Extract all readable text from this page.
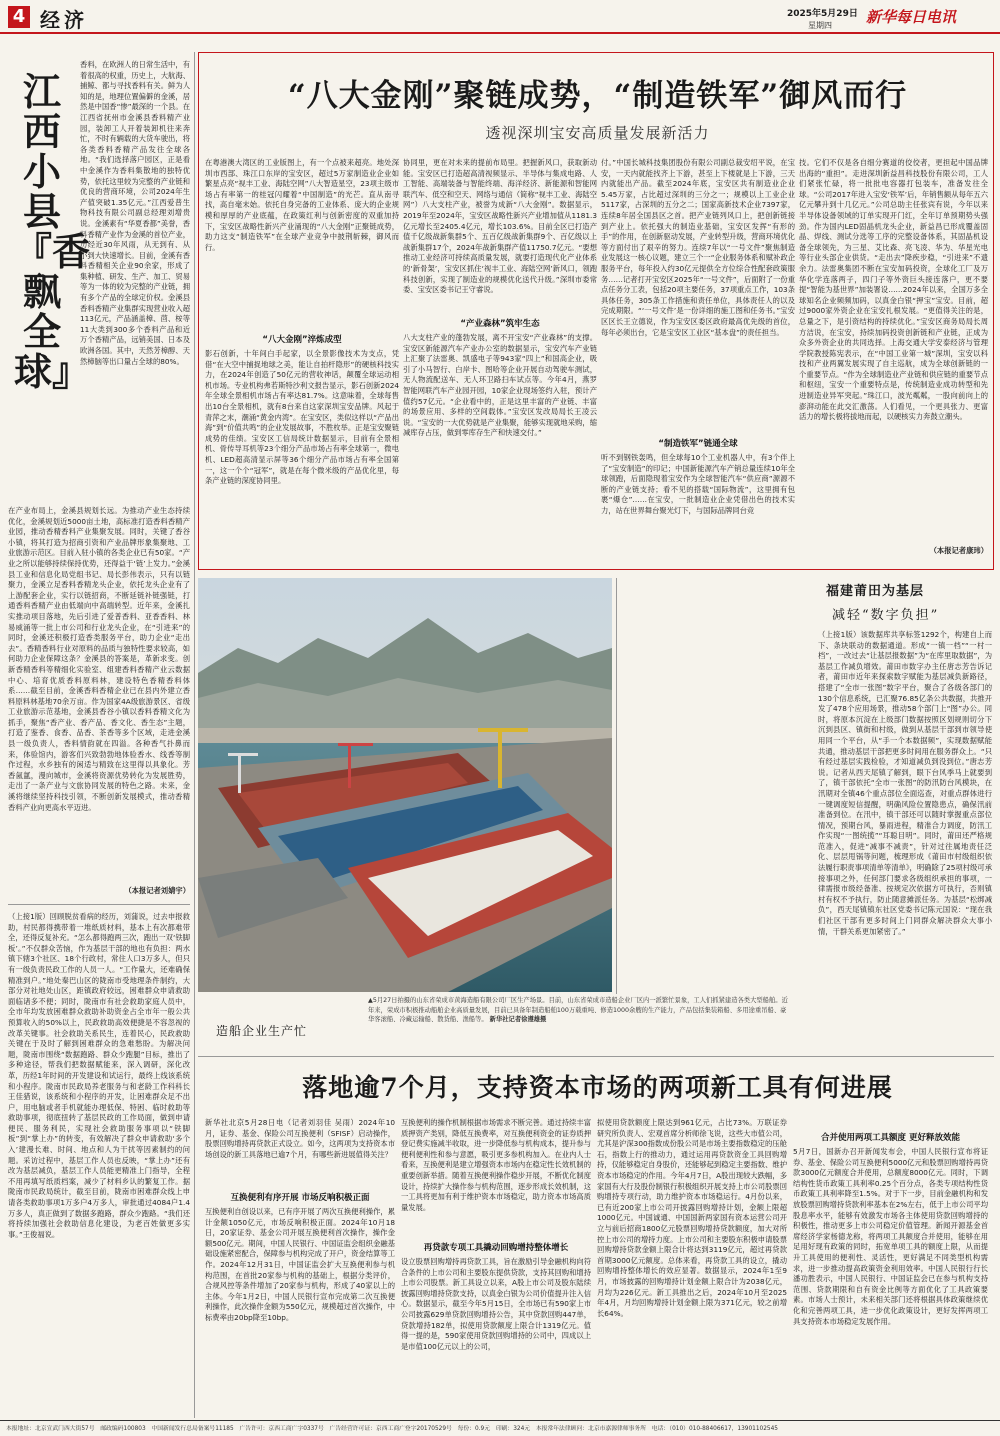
4 经济	2025年5月29日
星期四 新华每日电讯
江西小县『香飘全球』
香料，在欧洲人的日常生活中，有着很高的权重，历史上，大航海、捕鲸、都与寻找香料有关。鲜为人知的是，地理位置偏僻的金溪，居然是中国香“惨”最深的一个县。在江西省抚州市金溪县香料精产业园，装卸工人开着装卸机往来奔忙，不时有辆载的大货车驶出，将各类香料香精产品发往全球各地。“我们选择落户园区，正是看中金溪作为香料集散地的独特优势，依托这里较为完整的产业链和优良的营商环境，公司2024年生产值突破1.35亿元。”江西爱普生物科技有限公司副总经理刘增贵说。金溪素有“华夏香都”美誉，香料香精产业作为金溪的首位产业，历经近30年风雨，从无到有、从小到大快速增长。目前，金溪有香料香精相关企业90余家，形成了集种植、研发、生产、加工、贸易等为一体的较为完整的产业链，拥有多个产品的全球定价权。金溪县香料香精产业集群实现营业收入超113亿元，产品涵盖樟、茴、桉等11大类到300多个香料产品和近万个香精产品，远销美国、日本及欧洲各国。其中，天然芳樟醇、天然樟脑等出口量占全球的80%。
在产业布局上，金溪县规划长远。为推动产业生态持续优化，金溪规划近5000亩土地，高标准打造香料香精产业园，推动香精香料产业集聚发展。同时，关键了香谷小镇，将其打造为招商引资和产业品牌形象集聚地、工业旅游示范区。目前入驻小镇的各类企业已有50家。“产业之所以能够持续保持优势，还得益于‘链’上发力。”金溪县工业和信息化局党组书记、局长彭伟表示，只有以链聚力，金溪立足香料香精龙头企业，依托龙头企业有了上游配套企业，实行以链招商，不断延链补链强链，打通香料香精产业由低端向中高端转型。近年来，金溪扎实推动项目落地，先后引进了爱普香料、亚香香料、林易威涌等一批上市公司和行业龙头企业，在“引进来”的同时，金溪还积极打造香类服务平台，助力企业“走出去”。香精香料行业对原料的品质与独特性要求较高，如何助力企业保障这条？金溪县的答案是，革新求变。创新香精香料等精细化实验室、组建香料香精产业云数据中心、培育优质香料原料林，建设特色香精香料体系……截至目前，金溪香料香精企业已在县内外建立香料原料林基地70余万亩。作为国家4A级旅游景区、省级工业旅游示范基地，金溪县香谷小镇以香料香精文化为抓手，聚焦“香产业、香产品、香文化、香生态”主题，打造了鉴香、食香、品香、茶香等多个区域，走进金溪县一级负责人，香料情韵就在四溢。各种香气扑鼻而来，体验馆内，游客们兴致勃勃地体验香水、线香等制作过程，水乡独有的闲适与精致在这里得以具象化。芳香氤氲，漫向城市，金溪将资源优势转化为发展胜势，走出了一条产业与文旅协同发展的特色之路。未来，金溪将继续坚持科技引领，不断创新发展模式，推动香精香料产业向更高水平迈进。
（本报记者刘婧宇）
（上接1版）回顾脱贫看病的经历，刘蒲说，过去申报救助，村民都得携带着一堆纸质材料，基本上有次都难带全，还得反复补充。“怎么都得跑两三次，跑出一双‘铁脚板’。”不仅群众苦恼，作为基层干部的地也有负担：两水镇下辖3个社区、18个行政村，常住人口3万多人，但只有一级负责民政工作的人员一人。“工作量大，还难确保精准到户。”地处秦巴山区的陇南市受地理条件制约，大部分对社地处山区，距镇政府较远，困难群众申请救助面临诸多不便；同时，陇南市有社会救助家庭人员中，全市年均发放困难群众救助补助资金占全市年一般公共预算收入的50%以上，民政救助高效便捷是不容忽视的改革关键事。社会救助关系民生，连着民心，民政救助关键在于及时了解到困难群众的急难愁盼。为解决问题，陇南市围绕“数据跑路、群众少跑腿”目标，推出了多种途径，帮我们把数据赋能来，深入调研，深化改革，历经1年时间的开发建设和试运行，最终上线该系统和小程序。陇南市民政局养老服务与和老龄工作科科长王佳猎说，该系统和小程序的开发，让困难群众足不出户，用电脑或者手机就能办理低保、特困、临时救助等救助事项，彻底扭转了基层民政的工作局面，做到申请便民、服务利民，实现社会救助服务事项以“铁脚板”到“掌上办”的转变，有效解决了群众申请救助‘多个入’建漫长难、时间、地点和人为干扰等因素制约的问题。采访过程中，基层工作人员也反映，“掌上办”还有改为基层减负，基层工作人员能更精准上门指导，全程不用再填写纸质档案，减少了材料乡认的繁复工作。据陇南市民政局统计，截至目前，陇南市困难群众线上申请各类救助事项1万多户4万多人，审批通过4084户1.4万多人，真正做到了数据多跑路，群众少跑路。“我们还将持续加强社会救助信息化建设，为老百姓做更多实事。”王俊福说。
“八大金刚”聚链成势，“制造铁军”御风而行
透视深圳宝安高质量发展新活力
在粤港澳大湾区的工业版图上，有一个点被来超亮。地处深圳市西部、珠江口东岸的宝安区，超过5万家制造业企业如繁星点亮“视丰工业、海陆空网”八大智造星空，23项主级市场占有率第一的桂冠闪耀着“中国制造”的光芒。直从南寻找，高自毫末始。依托自身完备的工业体系、庞大的企业规模和厚厚的产业底蕴，在政策红利与创新密度的双重加持下，宝安区战略性新兴产业涌现的“八大金刚”正聚链成势，助力这支“制造铁军”在全球产业竞争中披荆斩棘，御风而行。
“八大金刚”淬炼成型
影石创新，十年间白手起家，以全景影像技术为支点，凭借“在大空中捕捉地球之美，能让自拍杆隐形”的硬核科技实力，在2024年创造了50亿元的营收神话，颠覆全球运动相机市场。专业机构弗若斯特沙利文报告显示，影石创新2024年全球全景相机市场占有率达81.7%。这意味着，全球每售出10台全景相机，就有8台来自这家深圳宝安品牌。风起于青萍之末，潮涌“黄金内湾”。在宝安区，类似这样以“产品出海”到“价值共鸣”的企业发展故事，不胜枚举。正是宝安聚链成势的佳绩。宝安区工信局统计数据显示，目前有全景相机、骨传导耳机等23个细分产品市场占有率全球第一，微电机、LED超高清显示屏等36个细分产品市场占有率全国第一，这一个个“冠军”，就是在每个微米级的产品优化里，每条产业链的深度协同里。
协同里，更在对未来的提前布局里。把握新风口，获取新动能。宝安区已打造超高清视频显示、半导体与集成电路、人工智能、高端装备与智能终端、海洋经济、新能源和智能网联汽车、低空和空天、网络与通信（简称“视丰工业、海陆空网”）八大支柱产业，被誉为成新“八大金刚”。数据显示，2019年至2024年，宝安区战略性新兴产业增加值从1181.3亿元增长至2405.4亿元，增长103.6%。目前全区已打造产值千亿级战新集群5个、五百亿级战新集群9个、百亿级以上战新集群17个，2024年战新集群产值11750.7亿元。“要想推动工业经济可持续高质量发展，就要打造现代化产业体系的‘新骨架’，宝安区抓住‘视丰工业、海陆空网’新风口，领跑科技创新，实现了制造业的规模优化送代升级。”深圳市委常委、宝安区委书记王守睿说。
“产业森林”筑牢生态
八大支柱产业的蓬勃发展，离不开宝安“产业森林”的支撑。宝安区新能源汽车产业办公室的数据显示，宝安汽车产业链上汇聚了法雷奥、凯盛电子等943家“四上”和国高企业，吸引了小马智行、白岸卡、图哈等企业开展自动驾驶车测试，无人物流配送车、无人环卫路扫车试点等。今年4月，燕罗智能网联汽车产业园开园，10家企业现场签约入驻，预计产值约57亿元。“企业看中的，正是这里丰富的产业链、丰富的场景应用、多样的空间载体。”宝安区发改局局长王凌云说。“宝安的一大优势就是产业集聚，能够实现就地采购，缩减库存占压，做到零库存生产和快速交付。”
付。”中国长城科技集团股份有限公司副总裁安绍平说，在宝安，一天内就能找齐上下游，甚至上下楼就是上下游，三天内就能出产品。截至2024年底，宝安区共有制造业企业5.45万家，占比超过深圳的三分之一；规模以上工业企业5117家，占深圳的五分之二；国家高新技术企业7397家，连续8年居全国县区之首。把产业链列风口上，把创新链接到产业上。依托强大的制造业基础，宝安区发挥“有形的手”的作用，在创新驱动发展，产业转型升级，营商环境优化等方面付出了艰辛的努力。连续7年以“一号文件”聚焦制造业发展这一核心议题，建立三个一“企业服务体系和赋补政企服务平台，每年投入约30亿元提供全方位综合性配套政策服务……记者打开宝安区2025年“一号文件”，后面附了一份重点任务分工表，包括20项主要任务，37项重点工作，103条具体任务，305条工作措施和责任单位，具体责任人的以及完成期限。“‘一号文件’是一份详细的施工图和任务书。”宝安区区长王立德说，作为宝安区委区政府最高优先级的首位，每年必须出台，它是宝安区工业区“基本盘”的责任担当。
“制造铁军”链通全球
听不到钢铁轰鸣，但全球每10个工业机器人中，有3个伴上了“宝安制造”的印记；中国新能源汽车产销总量连续10年全球领跑，后面隐现着宝安作为全球智能汽车“供应商”源源不断的产业链支持；看不见的搭载“国际物流”，这里拥有包裹“爆仓”……在宝安，一批制造业企业凭借出色的技术实力，站在世界舞台聚光灯下，与国际品牌同台竞
技。它们不仅是各自细分赛道的佼佼者，更担起中国品牌出海的“重担”。走进深圳新益昌科技股份有限公司，工人们紧张忙碌，将一批批电容器打包装车，准备发往全球。“公司2017年进入宝安‘铁军’后，年销售额从每年五六亿元攀升到十几亿元。”公司总助主任张宾有说，今年以来半导体设备领域的订单实现开门红，全年订单预期势头强劲。作为国内LED固晶机龙头企业，新益昌已形成覆盖固晶、焊线、测试分选等工序的完整设备体系，其固晶机设备全球领先，为三星、艾比森、亮飞凌、华为、华星光电等行业头部企业供货。“走出去”降疾步稳，“引进来”不遗余力。法雷奥集团不断在宝安加码投资，全球化工厂及万华化学连落两子，四门子等外资巨头接连落户，更不要提“智能为基世界”加装署设……2024年以来，全国万多全球知名企业频频加码，以真金白银“押宝”宝安。目前，超过9000家外资企业在宝安扎根发展。“更值得关注的是，总量之下，是引资结构的持续优化。”宝安区商务局局长周方洁说，在宝安，持续加码投资创新链和产业链，正成为众多外资企业的共同选择。上海交通大学安泰经济与管理学院教授陈宪表示，在“中国工业第一城”深圳，宝安以科技和产业两翼发展实现了自主巡航，成为全球创新链的一个重要节点。“作为全球制造业产业链和供应链的重要节点和枢纽，宝安一个重要特点是，传统制造业成功转型和先进制造业异军突起。”珠江口，波光粼粼，一股向前向上的澎湃动能在此交汇激荡。人们看见，一个更具张力、更富活力的增长极将拔地而起，以硬核实力奔鼓立潮头。
（本报记者康玮）
造船企业生产忙
▲5月27日拍摄的山东省荣成市黄海造船有限公司厂区生产场景。目前，山东省荣成市造船企业厂区内一派繁忙景象，工人们抓紧建造各类大型船舶。近年来，荣成市积极推动船舶企业高质量发展，目前已具备年制造船舶100万载重吨、修造1000余艘的生产能力，产品包括集装箱船、多用途重吊船、豪华客滚船、冷藏运输船、散货船、渔船等。 新华社记者徐遵雄摄
福建莆田为基层
减轻“数字负担”
（上接1版）该数据库共享标签1292个，构建自上而下、条块联动的数据通道。形成“一镇一档”“一村一档”，一改过去“让基层报数据”为“在库里取数据”，为基层工作减负增效。莆田市数字办主任唐志芳告诉记者，莆田市近年来探索数字赋能为基层减负新路径，搭建了“全市一张图”数字平台，聚合了各级各部门的130个信息系统，已汇聚76.85亿条公共数据，共推开发了478个应用场景，推动58个部门上“图”办公。同时，将原本沉淀在上级部门数据按照区划规则切分下沉到县区、镇街和村级，做到从基层干部到市领导使用同一个平台，从“手一个本数据频”，实现数据赋能共通，推动基层干部把更多时间用在服务群众上。“只有经过基层实践检验，才知道减负到没到位。”唐志芳说。记者从西天尾镇了解到，眼下台风季马上就要到了，镇干部依托“全市一张图”的防汛防台风模块，在汛期对全镇46个重点部位全面巡查，对重点群体进行一键调度短信提醒，明确风险位置隐患点，确保汛前准备到位。在汛中，镇干部还可以随时掌握重点部位情况，预期台风，暴雨进程，精准合力调度，防汛工作实现“一图统揽”“耳聪目明”。同时，莆田还严格规范准入，促进“减事不减责”，针对过往属地责任泛化、层层甩锅等问题，梳理形成《莆田市村级组织依法履行职责事项清单等清单》，明确除了25项村级可承接事项之外，任何部门要求各级组织承担的事项，一律需报市级经备准、按规定次依据方可执行，否则镇村有权不予执行，防止随意摊派任务。为基层“松绑减负”，西天尾镇镇东社区党委书记陈元国说：“现在我们社区干部有更多时间上门同群众解决群众大事小情，干群关系更加紧密了。”
落地逾7个月，支持资本市场的两项新工具有何进展
新华社北京5月28日电（记者刘羽佳 吴雨）2024年10月，证券、基金、保险公司互换便利（SFISF）启动操作，股票回购增持再贷款正式设立。如今，这两项为支持资本市场创设的新工具落地已逾7个月，有哪些新进展值得关注？
互换便利有序开展 市场反响积极正面
互换便利自创设以来，已有序开展了两次互换便利操作，累计金额1050亿元，市场反响积极正面。2024年10月18日，20家证券、基金公司开展互换便利首次操作，操作金额500亿元。期间，中国人民银行、中国证监会组织金融基础设施紧密配合，保障参与机构完成了开户，资金结算等工作。2024年12月31日，中国证监会扩大互换便利参与机构范围，在首批20家参与机构的基础上，根据分类评价，合规风控等条件增加了20家参与机构，形成了40家以上的主体。今年1月2日，中国人民银行宣布完成第二次互换便利操作，此次操作金额为550亿元，规模超过首次操作，中标费率由20bp降至10bp。
互换便利的操作机制根据市场需求不断完善。通过持续丰富质押资产类别，降低互换费率，对互换便利资金的证券质押登记费实施减半收取，进一步降低参与机构成本，提升参与便利便利性和参与意愿，吸引更多参机构加入。在业内人士看来，互换便利是建立增强资本市场内在稳定性长效机制的重要创新举措。随着互换便利操作稳步开展，不断优化制度设计，持续扩大操作参与机构范围，逐步形成长效机制，这一工具将更加有利于维护资本市场稳定，助力资本市场高质量发展。
再贷款专项工具撬动回购增持整体增长
设立股票回购增持再贷款工具，旨在激励引导金融机构向符合条件的上市公司和主要股东提供贷款，支持其回购和增持上市公司股票。新工具设立以来，A股上市公司及股东陆续披露回购增持贷款支持，以真金白银为公司价值提升注入信心。数据显示，截至今年5月15日，全市场已有590家上市公司披露629单贷款回购增持公告，其中贷款回购447单，贷款增持182单，拟使用贷款额度上限合计1319亿元。值得一提的是，590家使用贷款回购增持的公司中，四成以上是市值100亿元以上的公司，
拟使用贷款额度上限达到961亿元，占比73%。万联证券研究所负责人、宏观首席分析师徐飞说，这些大市值公司，尤其是沪深300指数成份股公司是市场主要指数稳定的压舱石，指数上行的推动力，通过运用再贷款资金工具回购增持，仅能够稳定自身股价，还能够起到稳定主要指数、维护资本市场稳定的作用。今年4月7日，A股出现较大跌幅，多家国有大行及股份制银行积极组织开展支持上市公司股票回购增持专项行动，助力维护资本市场稳运行。4月份以来，已有近200家上市公司开披露回购增持计划，金额上限超1000亿元。中国诚通、中国国新两家国有资本运营公司开立与前后招商1800亿元股票回购增持贷款额度，加大对所控上市公司的增持力度。上市公司和主要股东积极申请股票回购增持贷款金额上限合计将达到3119亿元，超过再贷款首期3000亿元额度。总体来看，再贷款工具的设立，撬动回购增持整体增长的效应显著。数据显示，2024年1至9月，市场披露的回购增持计划金额上限合计为2038亿元，月均为226亿元。新工具推出之后，2024年10月至2025年4月，月均回购增持计划金额上限为371亿元，较之前增长64%。
合并使用两项工具额度 更好释放效能
5月7日，国新办召开新闻发布会，中国人民银行宣布将证券、基金、保险公司互换便利5000亿元和股票回购增持再贷款3000亿元额度合并使用，总额度8000亿元。同时，下调结构性货币政策工具利率0.25个百分点，各类专项结构性货币政策工具利率降至1.5%。对于下一步，目前金融机构和发放股票回购增持贷款利率基本在2%左右，低于上市公司平均股息率水平，能够有效激发市场各主体使用贷款回购增持的积极性，推动更多上市公司稳定价值管理。新闻开源基金首席经济学家杨德龙称，将两项工具额度合并使用，能够在用足用好现有政策的同时，拓宽单项工具的额度上限，从而提升工具使用的便利性、灵活性，更好满足不同类型机构需求，进一步推动提高政策资金利用效率。中国人民银行行长潘功胜表示，中国人民银行、中国证监会已在参与机构支持范围、贷款期限和自有资金比例等方面优化了工具政策要素。市场人士预计，未来相关部门还将根据具体政策继续优化和完善两项工具，进一步优化政策设计，更好发挥两项工具支持资本市场稳定发展作用。
本报地址：北京宣武门西大街57号　邮政编码100803　中国新闻发行总局备案号11185　广告许可：京西工商广字0337号　广告经营许可证：京西工商广登字20170529号　每份：0.9元　印刷：324元　本报常年法律顾问：北京市嘉源律师事务所　电话：（010）010-88406617，13901102545
